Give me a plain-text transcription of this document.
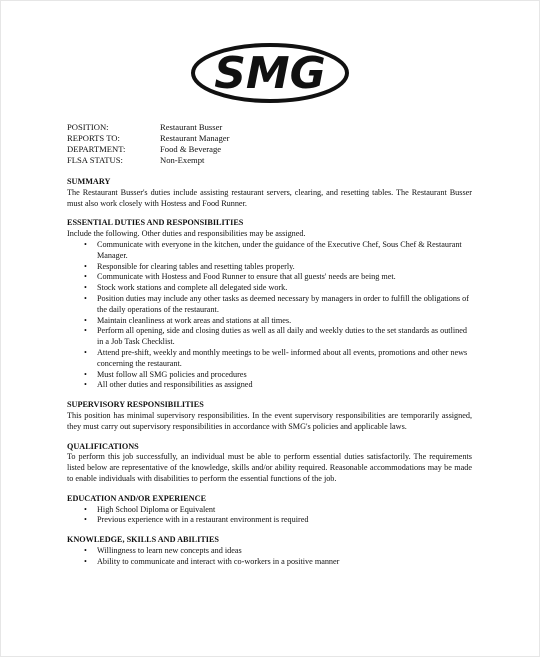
SMG
POSITION:	Restaurant Busser
REPORTS TO:	Restaurant Manager
DEPARTMENT:	Food & Beverage
FLSA STATUS:	Non-Exempt
SUMMARY
The Restaurant Busser's duties include assisting restaurant servers, clearing, and resetting tables. The Restaurant Busser must also work closely with Hostess and Food Runner.
ESSENTIAL DUTIES AND RESPONSIBILITIES
Include the following. Other duties and responsibilities may be assigned.
• Communicate with everyone in the kitchen, under the guidance of the Executive Chef, Sous Chef & Restaurant Manager.
• Responsible for clearing tables and resetting tables properly.
• Communicate with Hostess and Food Runner to ensure that all guests' needs are being met.
• Stock work stations and complete all delegated side work.
• Position duties may include any other tasks as deemed necessary by managers in order to fulfill the obligations of the daily operations of the restaurant.
• Maintain cleanliness at work areas and stations at all times.
• Perform all opening, side and closing duties as well as all daily and weekly duties to the set standards as outlined in a Job Task Checklist.
• Attend pre-shift, weekly and monthly meetings to be well- informed about all events, promotions and other news concerning the restaurant.
• Must follow all SMG policies and procedures
• All other duties and responsibilities as assigned
SUPERVISORY RESPONSIBILITIES
This position has minimal supervisory responsibilities. In the event supervisory responsibilities are temporarily assigned, they must carry out supervisory responsibilities in accordance with SMG's policies and applicable laws.
QUALIFICATIONS
To perform this job successfully, an individual must be able to perform essential duties satisfactorily. The requirements listed below are representative of the knowledge, skills and/or ability required. Reasonable accommodations may be made to enable individuals with disabilities to perform the essential functions of the job.
EDUCATION AND/OR EXPERIENCE
• High School Diploma or Equivalent
• Previous experience with in a restaurant environment is required
KNOWLEDGE, SKILLS AND ABILITIES
• Willingness to learn new concepts and ideas
• Ability to communicate and interact with co-workers in a positive manner
